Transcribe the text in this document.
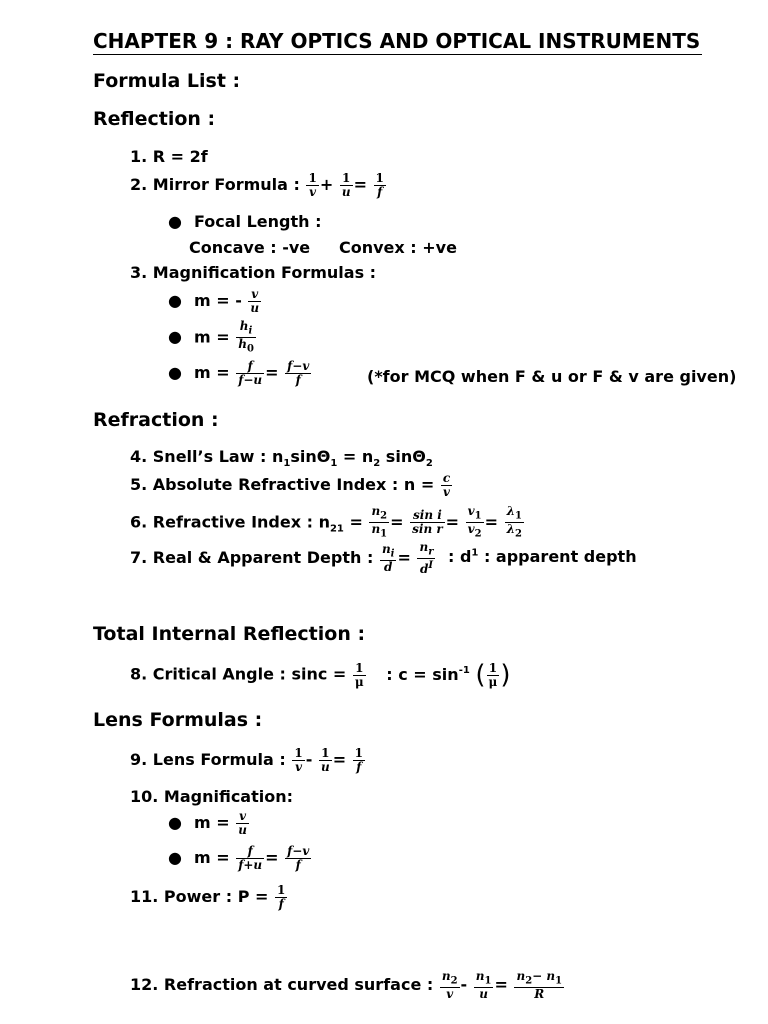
CHAPTER 9 : RAY OPTICS AND OPTICAL INSTRUMENTS
Formula List :
Reflection :
1. R = 2f
2. Mirror Formula : $\frac{1}{v} + \frac{1}{u} = \frac{1}{f}$
● Focal Length :
Concave : -ve Convex : +ve
3. Magnification Formulas :
● m = - $\frac{v}{u}$
● $m = \frac{h_i}{h_0}$
● $m = \frac{f}{f-u} = \frac{f-v}{f}$	(*for MCQ when F & u or F & v are given)
Refraction :
4. Snell’s Law : $n_1\sin\Theta_1 = n_2$ sinΘ$_2$
5. Absolute Refractive Index : $n = \frac{c}{v}$
6. Refractive Index : $n_{21} = \frac{n_2}{n_1} = \frac{\text{sin i}}{\text{sin r}} = \frac{v_1}{v_2} = \frac{\lambda_1}{\lambda_2}$
7. Real & Apparent Depth : $\frac{n_i}{d} = \frac{n_r}{d^I}$ : $d^1$ : apparent depth
Total Internal Reflection :
8. Critical Angle : $\sin c = \frac{1}{\mu}$ : $c = \sin^{-1}$ ( $\frac{1}{\mu}$ )
Lens Formulas :
9. Lens Formula : $\frac{1}{v} - \frac{1}{u} = \frac{1}{f}$
10. Magnification:
● $m = \frac{v}{u}$
● $m = \frac{f}{f+u} = \frac{f-v}{f}$
11. Power : $P = \frac{1}{f}$
12. Refraction at curved surface : $\frac{n_2}{v} - \frac{n_1}{u} = \frac{n_2- n_1}{R}$
